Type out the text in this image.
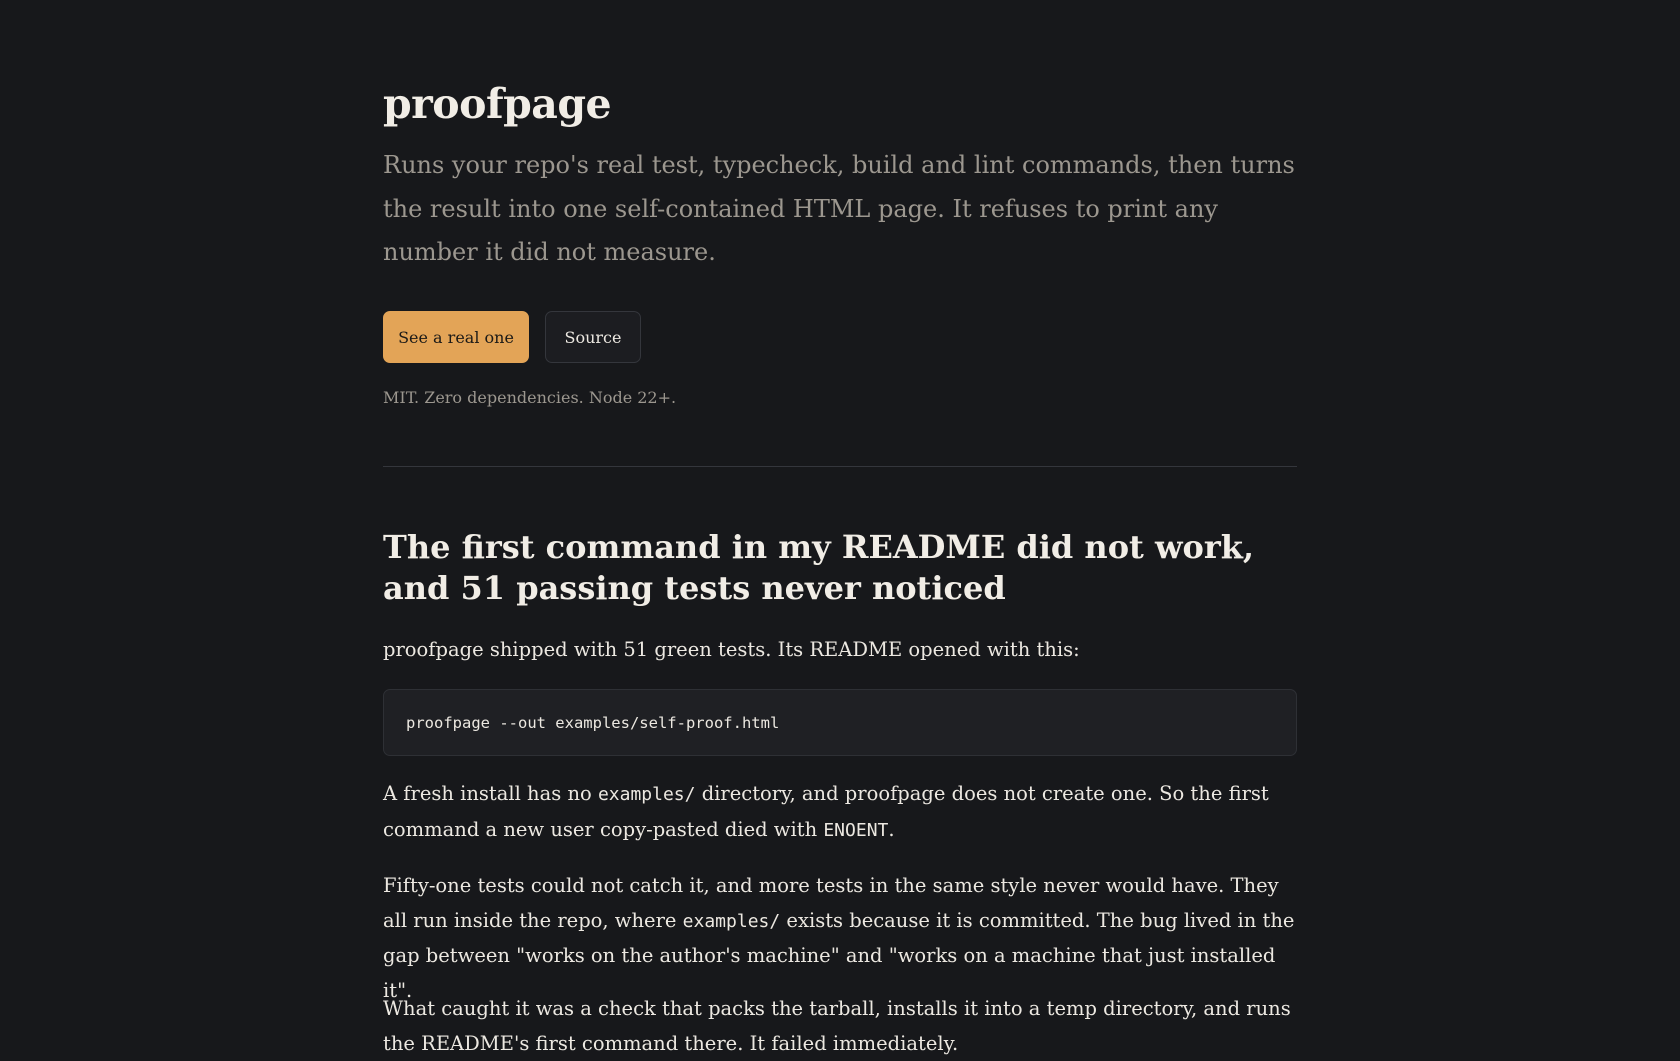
proofpage

Runs your repo's real test, typecheck, build and lint commands, then turns the result into one self-contained HTML page. It refuses to print any number it did not measure.

See a real one	Source

MIT. Zero dependencies. Node 22+.

The first command in my README did not work, and 51 passing tests never noticed

proofpage shipped with 51 green tests. Its README opened with this:

proofpage --out examples/self-proof.html

A fresh install has no examples/ directory, and proofpage does not create one. So the first command a new user copy-pasted died with ENOENT.

Fifty-one tests could not catch it, and more tests in the same style never would have. They all run inside the repo, where examples/ exists because it is committed. The bug lived in the gap between "works on the author's machine" and "works on a machine that just installed it".

What caught it was a check that packs the tarball, installs it into a temp directory, and runs the README's first command there. It failed immediately.
